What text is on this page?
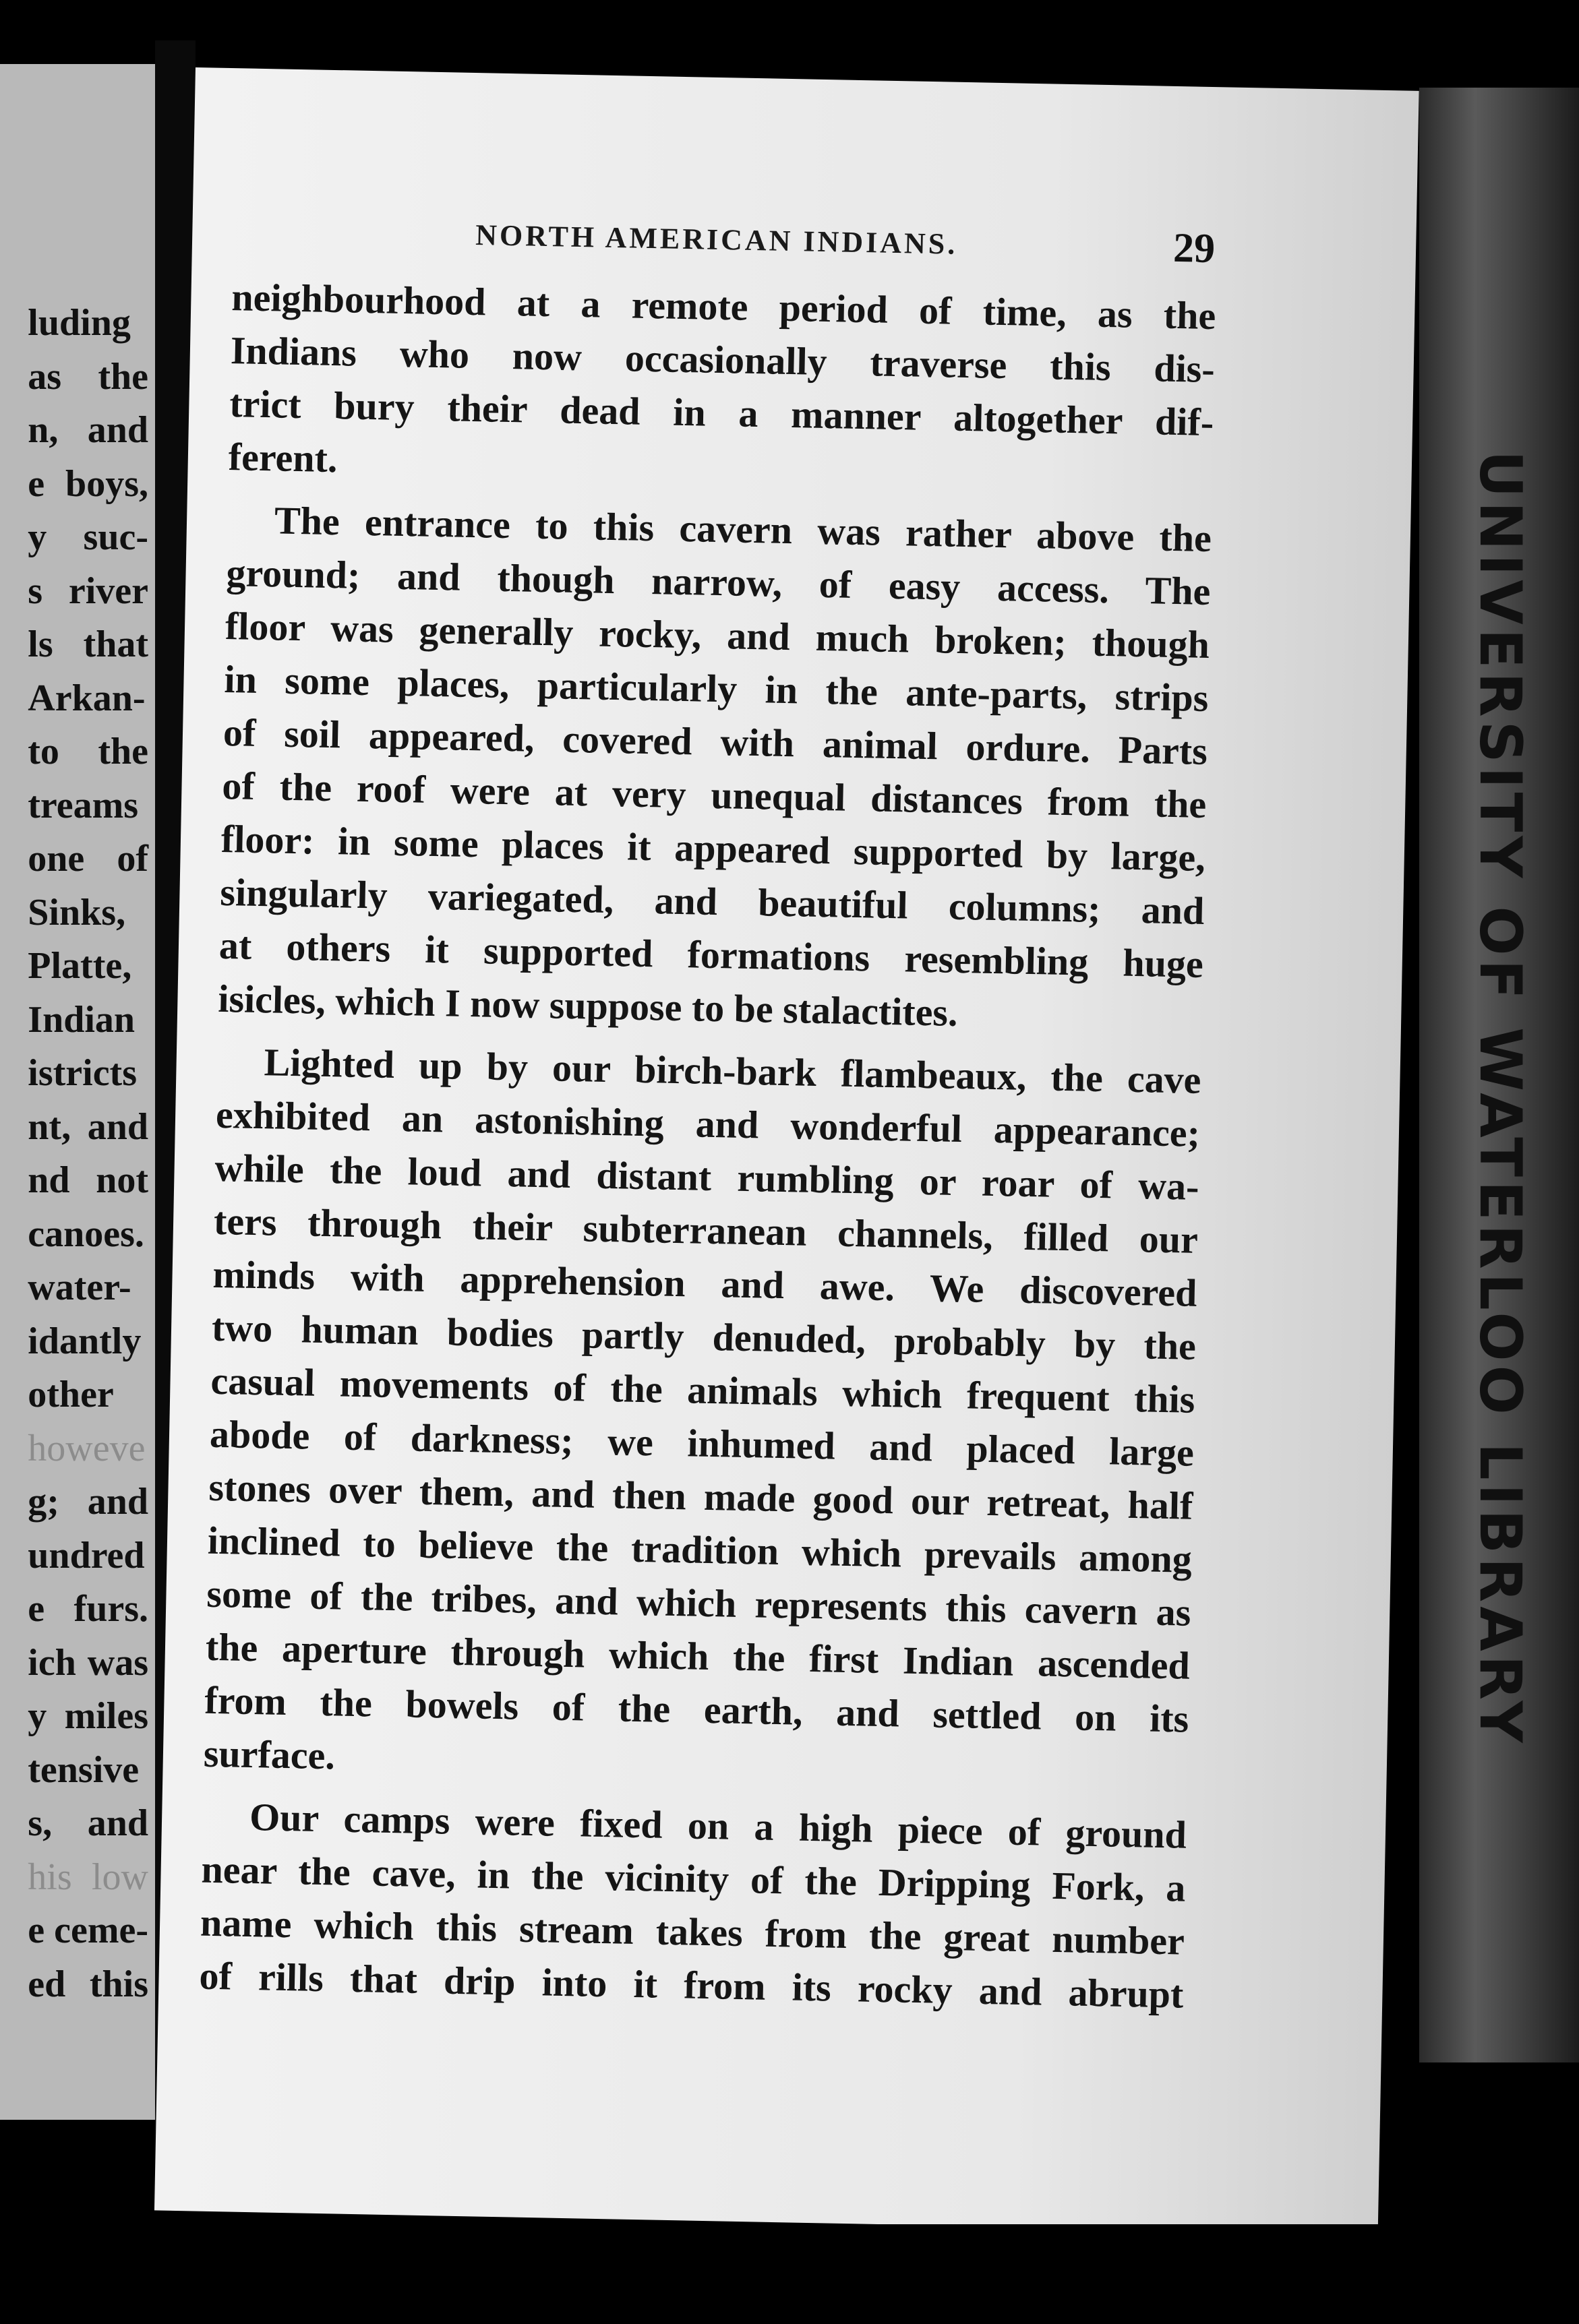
luding
as the
n, and
e boys,
y suc-
s river
ls that
Arkan-
to the
treams
one of
Sinks,
Platte,
Indian
istricts
nt, and
nd not
canoes.
water-
idantly
other
howeve
g; and
undred
e furs.
ich was
y miles
tensive
s, and
his low
e ceme-
ed this
NORTH AMERICAN INDIANS.	29
neighbourhood at a remote period of time, as the
Indians who now occasionally traverse this dis-
trict bury their dead in a manner altogether dif-
ferent.
The entrance to this cavern was rather above the
ground; and though narrow, of easy access. The
floor was generally rocky, and much broken; though
in some places, particularly in the ante-parts, strips
of soil appeared, covered with animal ordure. Parts
of the roof were at very unequal distances from the
floor: in some places it appeared supported by large,
singularly variegated, and beautiful columns; and
at others it supported formations resembling huge
isicles, which I now suppose to be stalactites.
Lighted up by our birch-bark flambeaux, the cave
exhibited an astonishing and wonderful appearance;
while the loud and distant rumbling or roar of wa-
ters through their subterranean channels, filled our
minds with apprehension and awe. We discovered
two human bodies partly denuded, probably by the
casual movements of the animals which frequent this
abode of darkness; we inhumed and placed large
stones over them, and then made good our retreat, half
inclined to believe the tradition which prevails among
some of the tribes, and which represents this cavern as
the aperture through which the first Indian ascended
from the bowels of the earth, and settled on its
surface.
Our camps were fixed on a high piece of ground
near the cave, in the vicinity of the Dripping Fork, a
name which this stream takes from the great number
of rills that drip into it from its rocky and abrupt
UNIVERSITY OF WATERLOO LIBRARY
